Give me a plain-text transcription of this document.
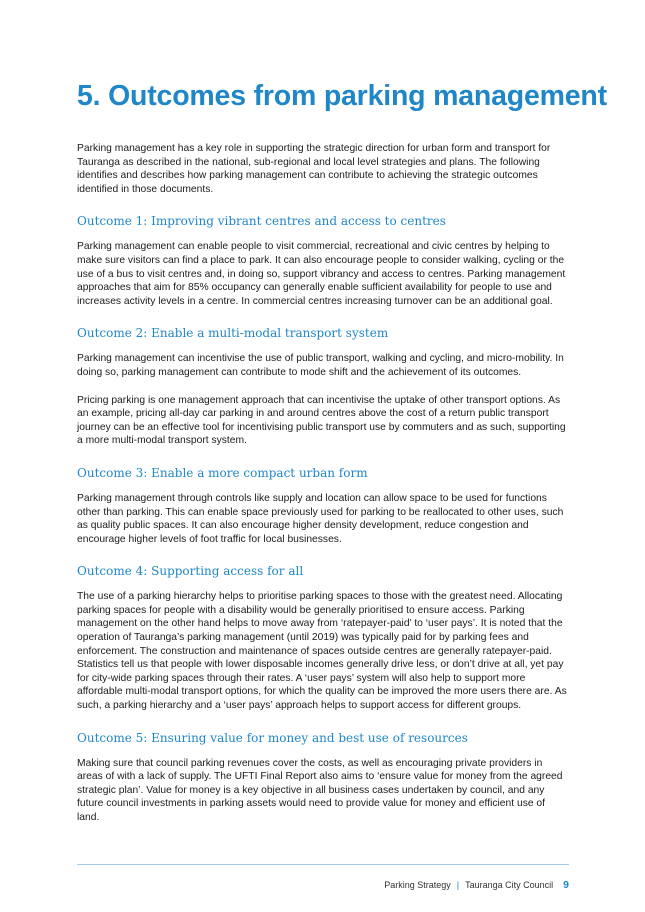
5. Outcomes from parking management

Parking management has a key role in supporting the strategic direction for urban form and transport for Tauranga as described in the national, sub-regional and local level strategies and plans. The following identifies and describes how parking management can contribute to achieving the strategic outcomes identified in those documents.

Outcome 1: Improving vibrant centres and access to centres

Parking management can enable people to visit commercial, recreational and civic centres by helping to make sure visitors can find a place to park. It can also encourage people to consider walking, cycling or the use of a bus to visit centres and, in doing so, support vibrancy and access to centres. Parking management approaches that aim for 85% occupancy can generally enable sufficient availability for people to use and increases activity levels in a centre. In commercial centres increasing turnover can be an additional goal.

Outcome 2: Enable a multi-modal transport system

Parking management can incentivise the use of public transport, walking and cycling, and micro-mobility. In doing so, parking management can contribute to mode shift and the achievement of its outcomes.

Pricing parking is one management approach that can incentivise the uptake of other transport options. As an example, pricing all-day car parking in and around centres above the cost of a return public transport journey can be an effective tool for incentivising public transport use by commuters and as such, supporting a more multi-modal transport system.

Outcome 3: Enable a more compact urban form

Parking management through controls like supply and location can allow space to be used for functions other than parking. This can enable space previously used for parking to be reallocated to other uses, such as quality public spaces. It can also encourage higher density development, reduce congestion and encourage higher levels of foot traffic for local businesses.

Outcome 4: Supporting access for all

The use of a parking hierarchy helps to prioritise parking spaces to those with the greatest need. Allocating parking spaces for people with a disability would be generally prioritised to ensure access. Parking management on the other hand helps to move away from ‘ratepayer-paid’ to ‘user pays’. It is noted that the operation of Tauranga’s parking management (until 2019) was typically paid for by parking fees and enforcement. The construction and maintenance of spaces outside centres are generally ratepayer-paid. Statistics tell us that people with lower disposable incomes generally drive less, or don’t drive at all, yet pay for city-wide parking spaces through their rates. A ‘user pays’ system will also help to support more affordable multi-modal transport options, for which the quality can be improved the more users there are. As such, a parking hierarchy and a ‘user pays’ approach helps to support access for different groups.

Outcome 5: Ensuring value for money and best use of resources

Making sure that council parking revenues cover the costs, as well as encouraging private providers in areas of with a lack of supply. The UFTI Final Report also aims to ‘ensure value for money from the agreed strategic plan’. Value for money is a key objective in all business cases undertaken by council, and any future council investments in parking assets would need to provide value for money and efficient use of land.

Parking Strategy | Tauranga City Council 9
